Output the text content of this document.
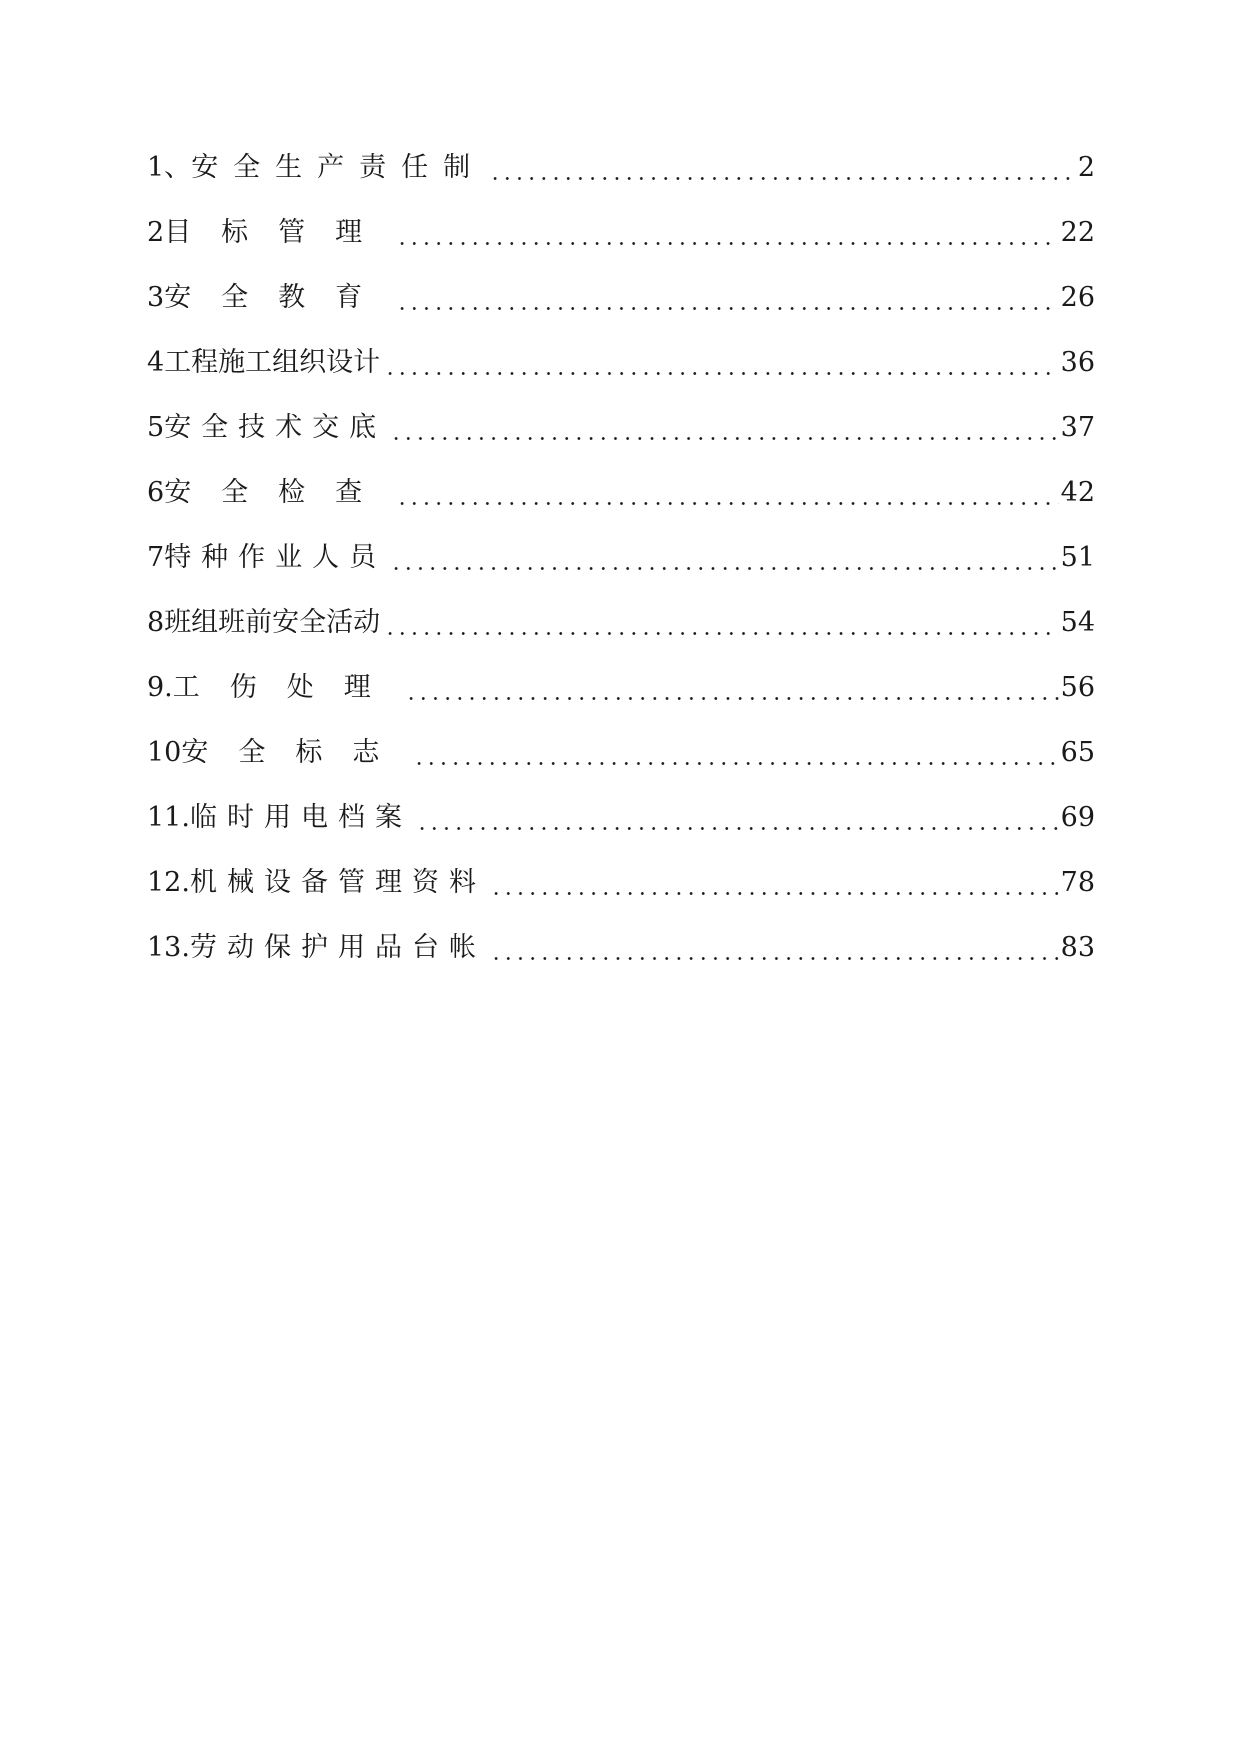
1、安全生产责任制	2
2目标管理	22
3安全教育	26
4工程施工组织设计	36
5安全技术交底	37
6安全检查	42
7特种作业人员	51
8班组班前安全活动	54
9.工伤处理	56
10安全标志	65
11.临时用电档案	69
12.机械设备管理资料	78
13.劳动保护用品台帐	83
